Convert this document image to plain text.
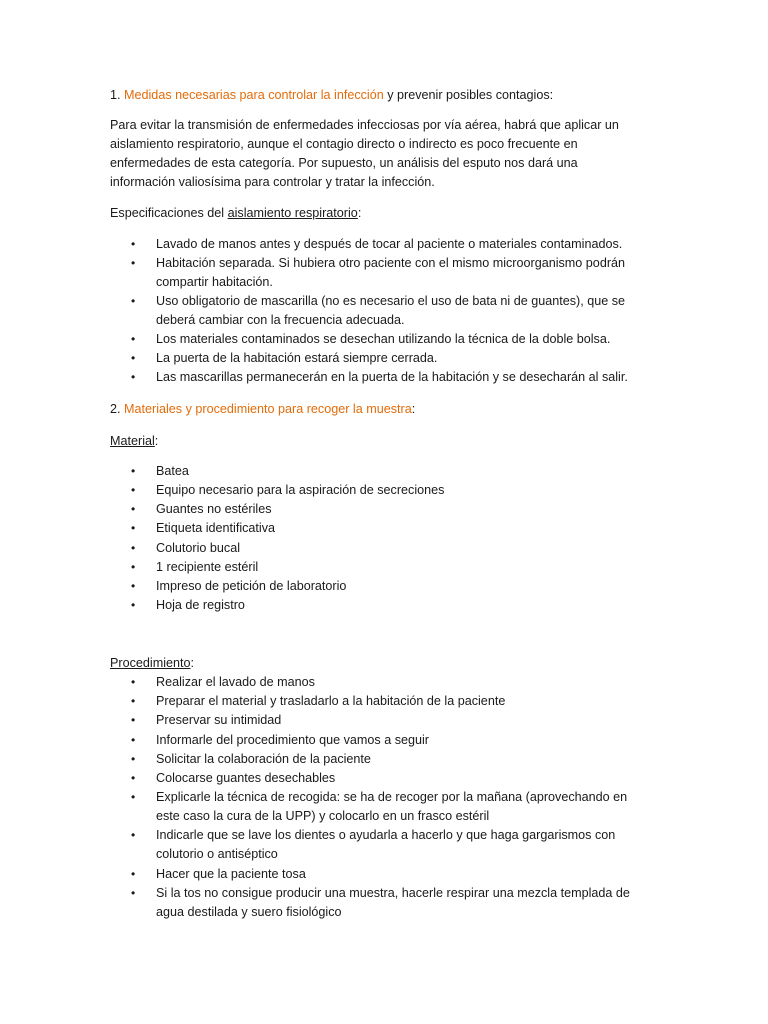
1. Medidas necesarias para controlar la infección y prevenir posibles contagios:
Para evitar la transmisión de enfermedades infecciosas por vía aérea, habrá que aplicar un
aislamiento respiratorio, aunque el contagio directo o indirecto es poco frecuente en
enfermedades de esta categoría. Por supuesto, un análisis del esputo nos dará una
información valiosísima para controlar y tratar la infección.
Especificaciones del aislamiento respiratorio:
• Lavado de manos antes y después de tocar al paciente o materiales contaminados.
• Habitación separada. Si hubiera otro paciente con el mismo microorganismo podrán
compartir habitación.
• Uso obligatorio de mascarilla (no es necesario el uso de bata ni de guantes), que se
deberá cambiar con la frecuencia adecuada.
• Los materiales contaminados se desechan utilizando la técnica de la doble bolsa.
• La puerta de la habitación estará siempre cerrada.
• Las mascarillas permanecerán en la puerta de la habitación y se desecharán al salir.
2. Materiales y procedimiento para recoger la muestra:
Material:
• Batea
• Equipo necesario para la aspiración de secreciones
• Guantes no estériles
• Etiqueta identificativa
• Colutorio bucal
• 1 recipiente estéril
• Impreso de petición de laboratorio
• Hoja de registro
Procedimiento:
• Realizar el lavado de manos
• Preparar el material y trasladarlo a la habitación de la paciente
• Preservar su intimidad
• Informarle del procedimiento que vamos a seguir
• Solicitar la colaboración de la paciente
• Colocarse guantes desechables
• Explicarle la técnica de recogida: se ha de recoger por la mañana (aprovechando en
este caso la cura de la UPP) y colocarlo en un frasco estéril
• Indicarle que se lave los dientes o ayudarla a hacerlo y que haga gargarismos con
colutorio o antiséptico
• Hacer que la paciente tosa
• Si la tos no consigue producir una muestra, hacerle respirar una mezcla templada de
agua destilada y suero fisiológico
